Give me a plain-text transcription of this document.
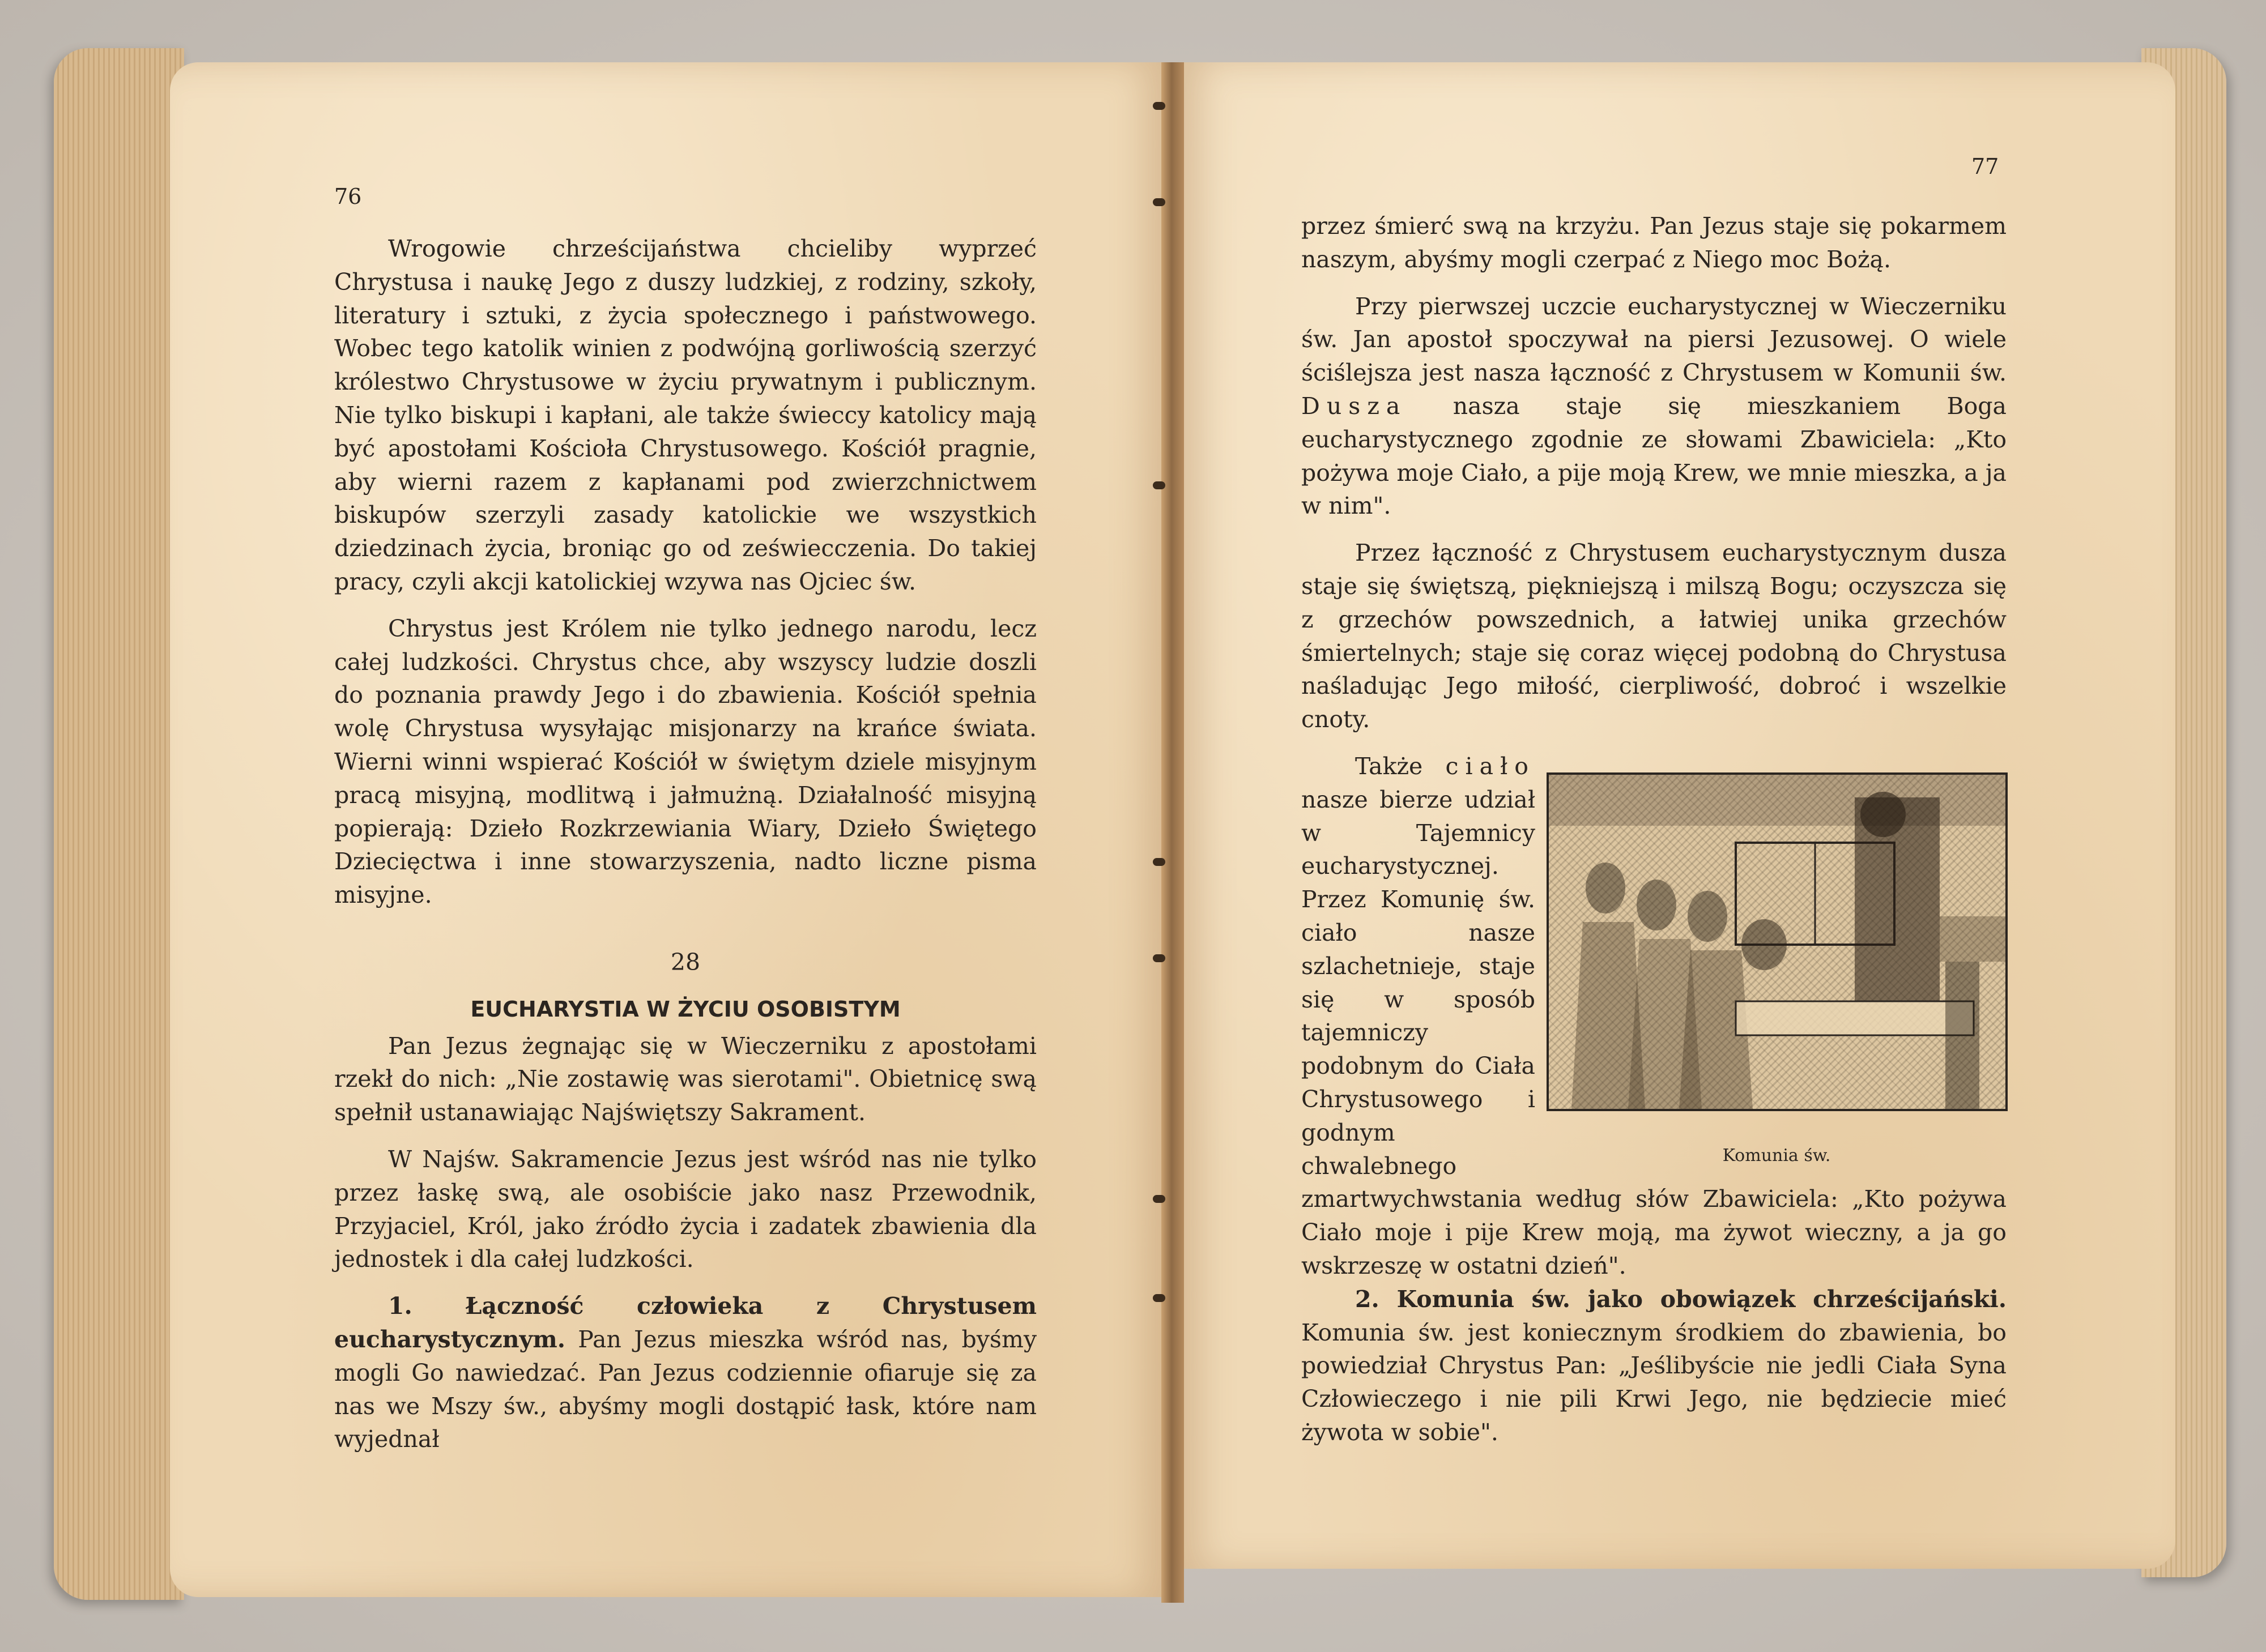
76

Wrogowie chrześcijaństwa chcieliby wyprzeć Chrystusa i naukę Jego z duszy ludzkiej, z rodziny, szkoły, literatury i sztuki, z życia społecznego i państwowego. Wobec tego katolik winien z podwójną gorliwością szerzyć królestwo Chrystusowe w życiu prywatnym i publicznym. Nie tylko biskupi i kapłani, ale także świeccy katolicy mają być apostołami Kościoła Chrystusowego. Kościół pragnie, aby wierni razem z kapłanami pod zwierzchnictwem biskupów szerzyli zasady katolickie we wszystkich dziedzinach życia, broniąc go od zeświecczenia. Do takiej pracy, czyli akcji katolickiej wzywa nas Ojciec św.

Chrystus jest Królem nie tylko jednego narodu, lecz całej ludzkości. Chrystus chce, aby wszyscy ludzie doszli do poznania prawdy Jego i do zbawienia. Kościół spełnia wolę Chrystusa wysyłając misjonarzy na krańce świata. Wierni winni wspierać Kościół w świętym dziele misyjnym pracą misyjną, modlitwą i jałmużną. Działalność misyjną popierają: Dzieło Rozkrzewiania Wiary, Dzieło Świętego Dziecięctwa i inne stowarzyszenia, nadto liczne pisma misyjne.

28
EUCHARYSTIA W ŻYCIU OSOBISTYM

Pan Jezus żegnając się w Wieczerniku z apostołami rzekł do nich: „Nie zostawię was sierotami". Obietnicę swą spełnił ustanawiając Najświętszy Sakrament.

W Najśw. Sakramencie Jezus jest wśród nas nie tylko przez łaskę swą, ale osobiście jako nasz Przewodnik, Przyjaciel, Król, jako źródło życia i zadatek zbawienia dla jednostek i dla całej ludzkości.

1. Łączność człowieka z Chrystusem eucharystycznym. Pan Jezus mieszka wśród nas, byśmy mogli Go nawiedzać. Pan Jezus codziennie ofiaruje się za nas we Mszy św., abyśmy mogli dostąpić łask, które nam wyjednał

77

przez śmierć swą na krzyżu. Pan Jezus staje się pokarmem naszym, abyśmy mogli czerpać z Niego moc Bożą.

Przy pierwszej uczcie eucharystycznej w Wieczerniku św. Jan apostoł spoczywał na piersi Jezusowej. O wiele ściślejsza jest nasza łączność z Chrystusem w Komunii św. Dusza nasza staje się mieszkaniem Boga eucharystycznego zgodnie ze słowami Zbawiciela: „Kto pożywa moje Ciało, a pije moją Krew, we mnie mieszka, a ja w nim".

Przez łączność z Chrystusem eucharystycznym dusza staje się świętszą, piękniejszą i milszą Bogu; oczyszcza się z grzechów powszednich, a łatwiej unika grzechów śmiertelnych; staje się coraz więcej podobną do Chrystusa naśladując Jego miłość, cierpliwość, dobroć i wszelkie cnoty.

Komunia św.

Także ciało nasze bierze udział w Tajemnicy eucharystycznej. Przez Komunię św. ciało nasze szlachetnieje, staje się w sposób tajemniczy podobnym do Ciała Chrystusowego i godnym chwalebnego zmartwychwstania według słów Zbawiciela: „Kto pożywa Ciało moje i pije Krew moją, ma żywot wieczny, a ja go wskrzeszę w ostatni dzień".

2. Komunia św. jako obowiązek chrześcijański. Komunia św. jest koniecznym środkiem do zbawienia, bo powiedział Chrystus Pan: „Jeślibyście nie jedli Ciała Syna Człowieczego i nie pili Krwi Jego, nie będziecie mieć żywota w sobie".
